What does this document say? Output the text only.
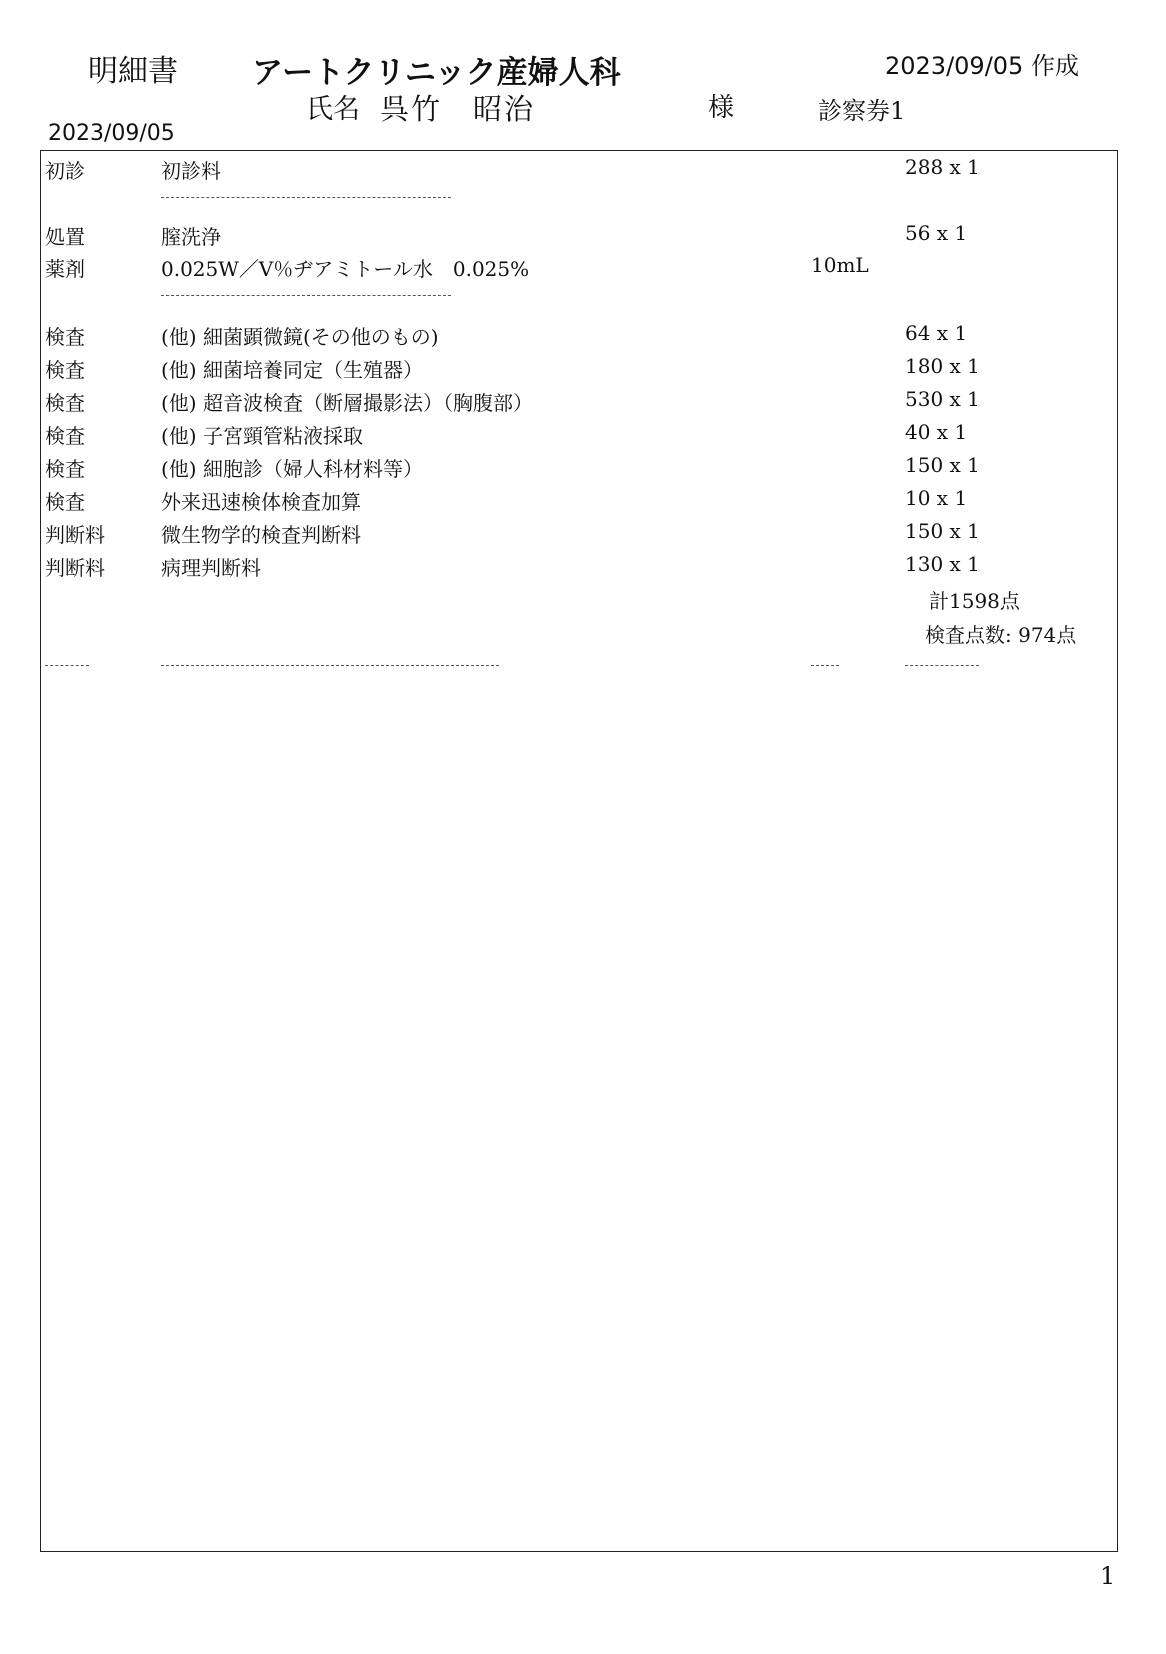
明細書 アートクリニック産婦人科	2023/09/05 作成
氏名 呉竹　昭治	様	診察券1
2023/09/05
初診	初診料	288 x 1
処置	膣洗浄	56 x 1
薬剤	0.025W／V％ヂアミトール水　0.025%	10mL
検査	(他) 細菌顕微鏡(その他のもの)	64 x 1
検査	(他) 細菌培養同定（生殖器）	180 x 1
検査	(他) 超音波検査（断層撮影法）（胸腹部）	530 x 1
検査	(他) 子宮頸管粘液採取	40 x 1
検査	(他) 細胞診（婦人科材料等）	150 x 1
検査	外来迅速検体検査加算	10 x 1
判断料	微生物学的検査判断料	150 x 1
判断料	病理判断料	130 x 1
計1598点
検査点数: 974点
1
